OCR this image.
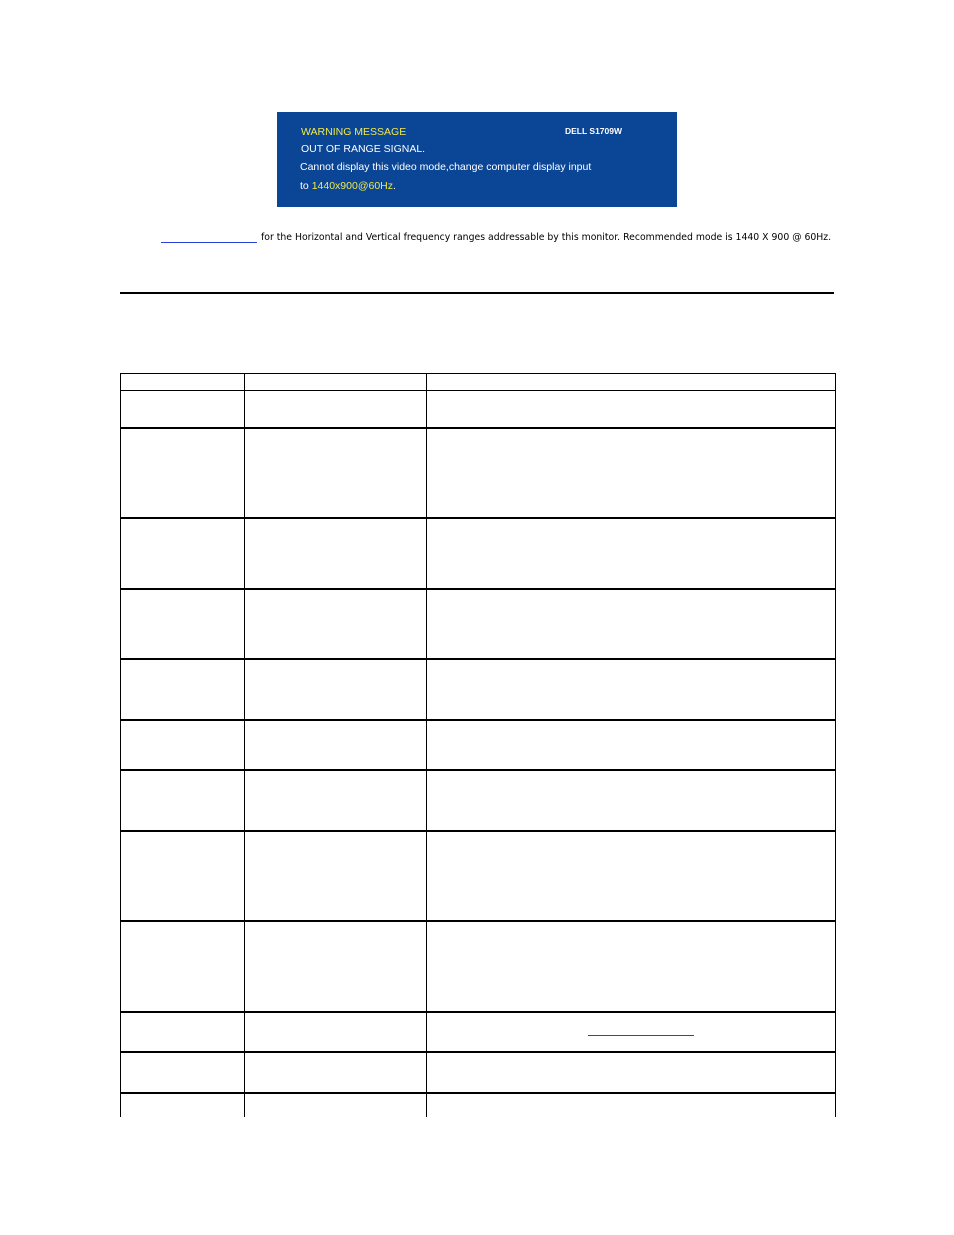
WARNING MESSAGE	DELL S1709W
OUT OF RANGE SIGNAL.
Cannot display this video mode,change computer display input
to 1440x900@60Hz.
for the Horizontal and Vertical frequency ranges addressable by this monitor. Recommended mode is 1440 X 900 @ 60Hz.
